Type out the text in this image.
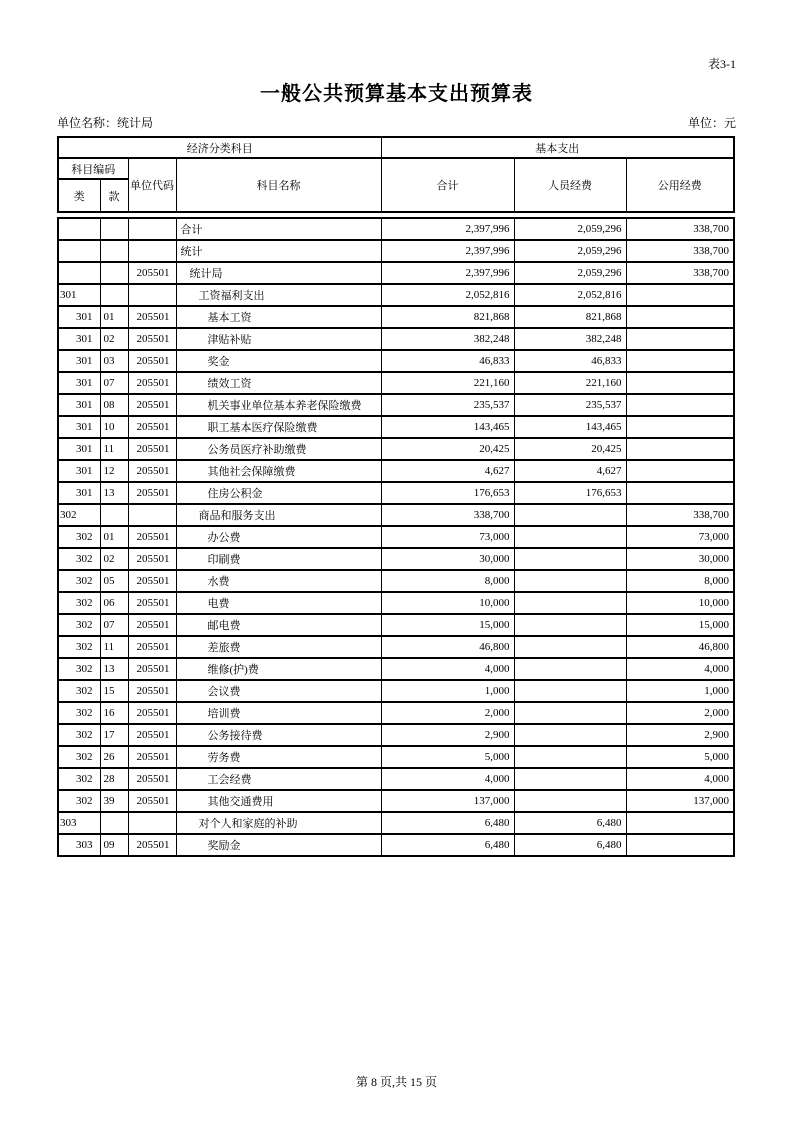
表3-1
一般公共预算基本支出预算表
单位名称：统计局	单位：元
经济分类科目				基本支出		
科目编码		单位代码	科目名称	合计	人员经费	公用经费
类	款					
			合计	2,397,996	2,059,296	338,700
			统计	2,397,996	2,059,296	338,700
		205501	统计局	2,397,996	2,059,296	338,700
301			工资福利支出	2,052,816	2,052,816	
301	01	205501	基本工资	821,868	821,868	
301	02	205501	津贴补贴	382,248	382,248	
301	03	205501	奖金	46,833	46,833	
301	07	205501	绩效工资	221,160	221,160	
301	08	205501	机关事业单位基本养老保险缴费	235,537	235,537	
301	10	205501	职工基本医疗保险缴费	143,465	143,465	
301	11	205501	公务员医疗补助缴费	20,425	20,425	
301	12	205501	其他社会保障缴费	4,627	4,627	
301	13	205501	住房公积金	176,653	176,653	
302			商品和服务支出	338,700		338,700
302	01	205501	办公费	73,000		73,000
302	02	205501	印刷费	30,000		30,000
302	05	205501	水费	8,000		8,000
302	06	205501	电费	10,000		10,000
302	07	205501	邮电费	15,000		15,000
302	11	205501	差旅费	46,800		46,800
302	13	205501	维修(护)费	4,000		4,000
302	15	205501	会议费	1,000		1,000
302	16	205501	培训费	2,000		2,000
302	17	205501	公务接待费	2,900		2,900
302	26	205501	劳务费	5,000		5,000
302	28	205501	工会经费	4,000		4,000
302	39	205501	其他交通费用	137,000		137,000
303			对个人和家庭的补助	6,480	6,480	
303	09	205501	奖励金	6,480	6,480	
第 8 页,共 15 页
